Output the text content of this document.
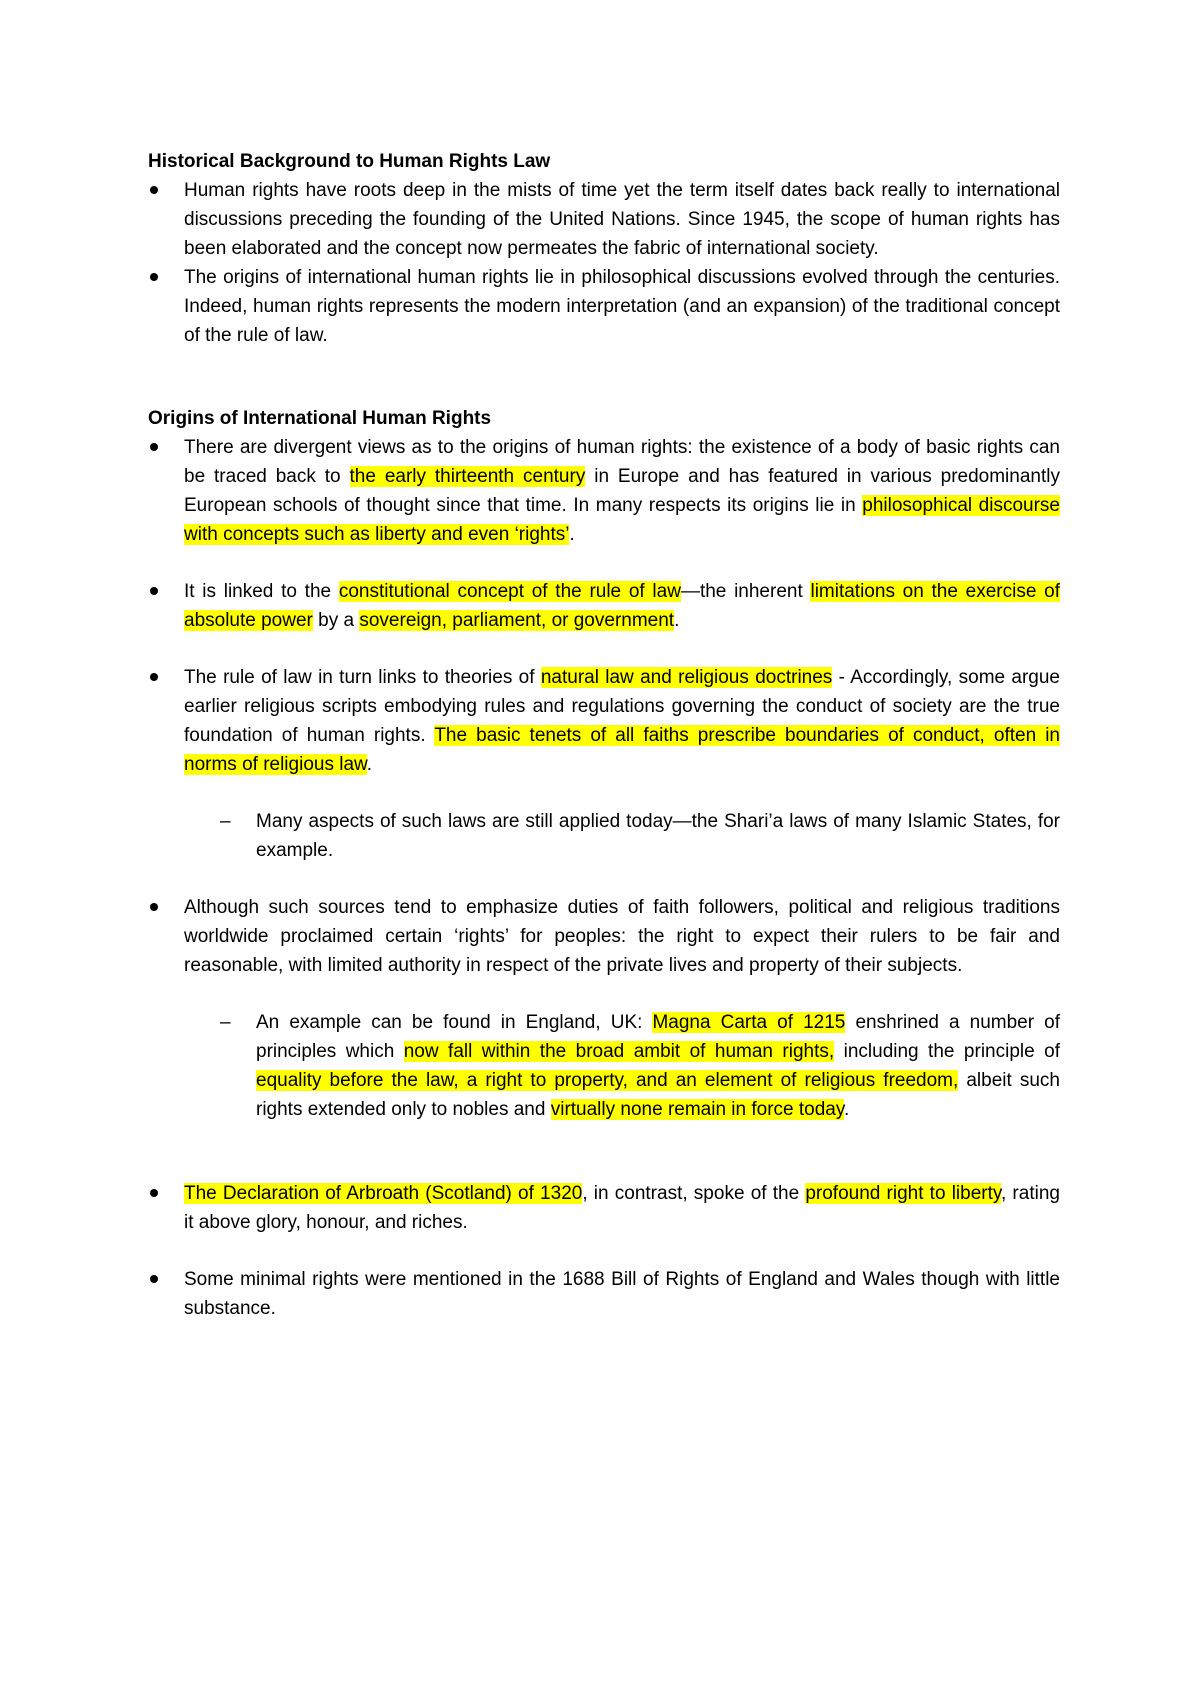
Historical Background to Human Rights Law
Human rights have roots deep in the mists of time yet the term itself dates back really to international discussions preceding the founding of the United Nations. Since 1945, the scope of human rights has been elaborated and the concept now permeates the fabric of international society.
The origins of international human rights lie in philosophical discussions evolved through the centuries. Indeed, human rights represents the modern interpretation (and an expansion) of the traditional concept of the rule of law.
Origins of International Human Rights
There are divergent views as to the origins of human rights: the existence of a body of basic rights can be traced back to the early thirteenth century in Europe and has featured in various predominantly European schools of thought since that time. In many respects its origins lie in philosophical discourse with concepts such as liberty and even ‘rights’.
It is linked to the constitutional concept of the rule of law—the inherent limitations on the exercise of absolute power by a sovereign, parliament, or government.
The rule of law in turn links to theories of natural law and religious doctrines - Accordingly, some argue earlier religious scripts embodying rules and regulations governing the conduct of society are the true foundation of human rights. The basic tenets of all faiths prescribe boundaries of conduct, often in norms of religious law.
– Many aspects of such laws are still applied today—the Shari’a laws of many Islamic States, for example.
Although such sources tend to emphasize duties of faith followers, political and religious traditions worldwide proclaimed certain ‘rights’ for peoples: the right to expect their rulers to be fair and reasonable, with limited authority in respect of the private lives and property of their subjects.
– An example can be found in England, UK: Magna Carta of 1215 enshrined a number of principles which now fall within the broad ambit of human rights, including the principle of equality before the law, a right to property, and an element of religious freedom, albeit such rights extended only to nobles and virtually none remain in force today.
The Declaration of Arbroath (Scotland) of 1320, in contrast, spoke of the profound right to liberty, rating it above glory, honour, and riches.
Some minimal rights were mentioned in the 1688 Bill of Rights of England and Wales though with little substance.
